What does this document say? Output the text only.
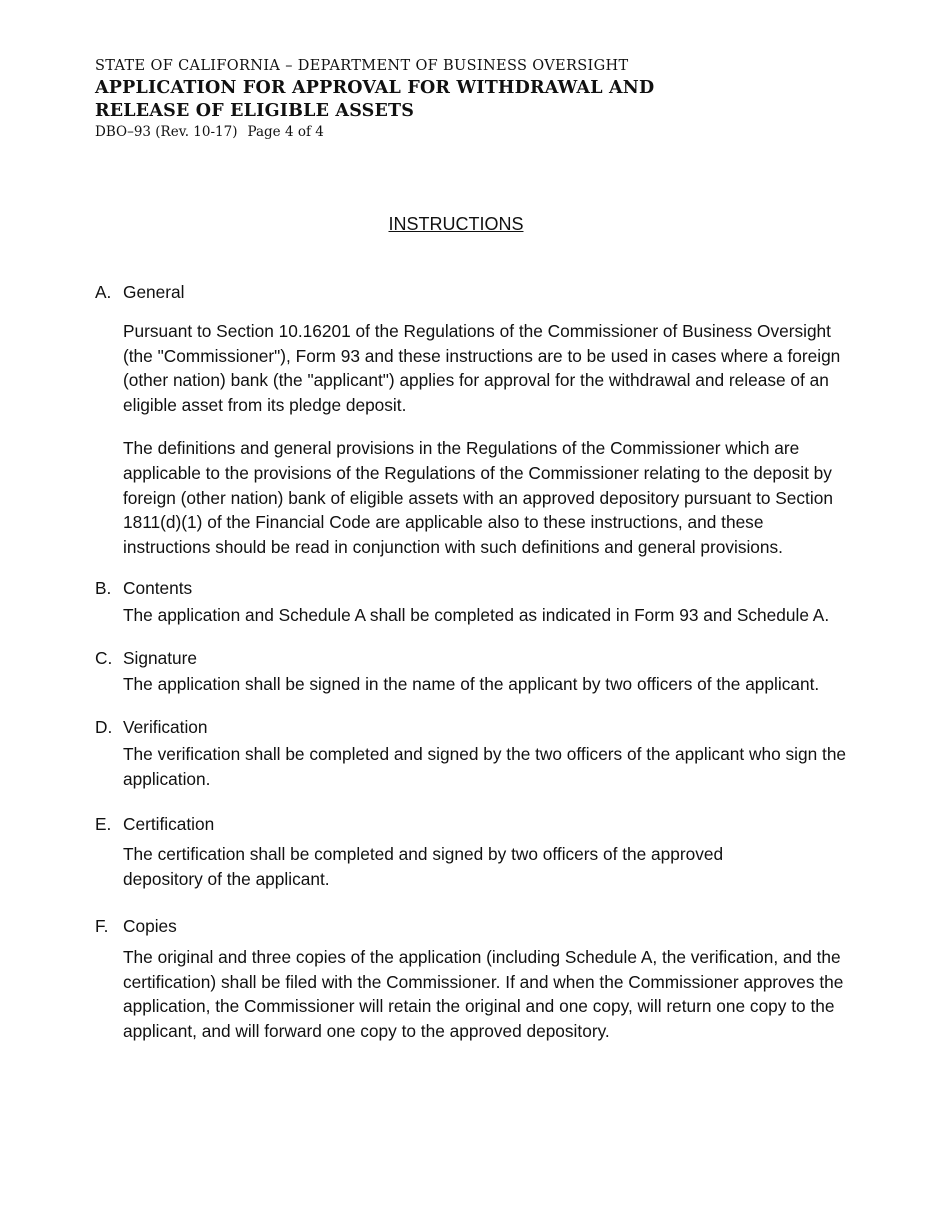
STATE OF CALIFORNIA – DEPARTMENT OF BUSINESS OVERSIGHT
APPLICATION FOR APPROVAL FOR WITHDRAWAL AND RELEASE OF ELIGIBLE ASSETS
DBO–93 (Rev. 10-17) Page 4 of 4
INSTRUCTIONS
A. General

Pursuant to Section 10.16201 of the Regulations of the Commissioner of Business Oversight (the "Commissioner"), Form 93 and these instructions are to be used in cases where a foreign (other nation) bank (the "applicant") applies for approval for the withdrawal and release of an eligible asset from its pledge deposit.

The definitions and general provisions in the Regulations of the Commissioner which are applicable to the provisions of the Regulations of the Commissioner relating to the deposit by foreign (other nation) bank of eligible assets with an approved depository pursuant to Section 1811(d)(1) of the Financial Code are applicable also to these instructions, and these instructions should be read in conjunction with such definitions and general provisions.

B. Contents

The application and Schedule A shall be completed as indicated in Form 93 and Schedule A.

C. Signature

The application shall be signed in the name of the applicant by two officers of the applicant.

D. Verification

The verification shall be completed and signed by the two officers of the applicant who sign the application.

E. Certification

The certification shall be completed and signed by two officers of the approved depository of the applicant.

F. Copies

The original and three copies of the application (including Schedule A, the verification, and the certification) shall be filed with the Commissioner. If and when the Commissioner approves the application, the Commissioner will retain the original and one copy, will return one copy to the applicant, and will forward one copy to the approved depository.
